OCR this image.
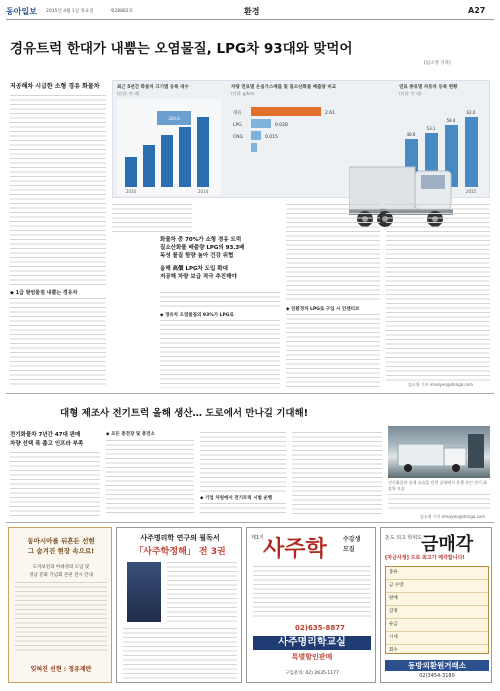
동아일보 2015년 4월 1일 목요일	제28882호	환경	A27
경유트럭 한대가 내뿜는 오염물질, LPG차 93대와 맞먹어
[임소영 기자]
저공해차 시급한 소형 경유 화물차
◆ 1급 발암물질 내뿜는 경유차
최근 5년간 화물차 크기별 등록 대수
(단위: 만 대)
2010	2014
300.0
차량 연료별 온실가스배출 및 질소산화물 배출량 비교
(단위: g/km)
경유
LPG
CNG
2.61
0.028
0.015
연료 종류별 자동차 등록 현황
(단위: 만 대)
48.6
53.1
58.4
62.0
2015
화물차 중 70%가 소형 경유 트럭
질소산화물 배출량 LPG의 93.3배
독성 물질 함량 높아 건강 위협
올해 高價 LPG차 도입 확대
저공해 차량 보급 적극 추진해야
◆ 경유차 오염물질의 93%가 LPG로
◆ 친환경차 LPG로 구입 시 인센티브
임소영 기자 imsoyeo@donga.com
대형 제조사 전기트럭 올해 생산… 도로에서 만나길 기대해!
전기화물차 7년간 47대 판매
차량 선택 폭 좁고 인프라 부족
◆ 모든 충전장 및 충전소
◆ 기업 차원에서 전기트럭 시범 운행
전기화물차 실제 모습을 인천 공항에서 운행 중인 전기 화물차 모습
임소영 기자 imsoyeo@donga.com
동아시아를 뒤흔든 선현
그 숨겨진 현장 속으로!
도자보전과 아대성의 도입 및
경남 문화 기념회 본관 전시 안내
잊혀진 선현 : 정유재란
사주명리학 연구의 필독서
「사주학정해」 전 3권
제1기 사주학	수강생
모집
02)635-8877
사주명리학교실
특별할인판매
구입문의: 02) 2635-1177
돈도 되고 학위도 금매각
[자금사정] 으로 최고가 매각합니다!
종류
금 수량
판매
감정
순금
시세
회수
동방외환원거래소
02)3454-3180
